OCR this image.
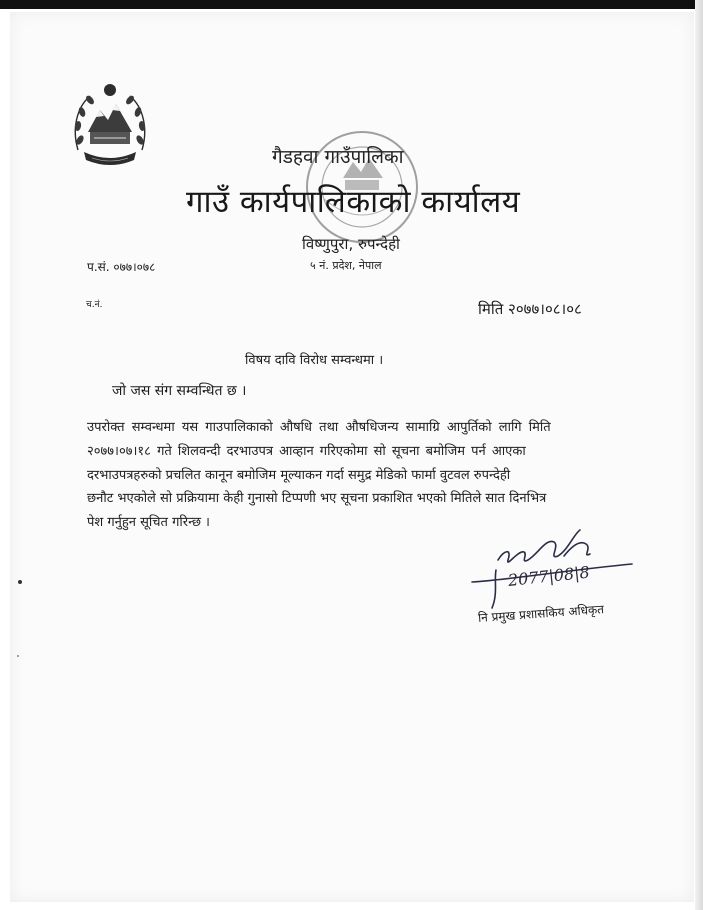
गैडहवा गाउँपालिका
गाउँ कार्यपालिकाको कार्यालय
विष्णुपुरा, रुपन्देही
५ नं. प्रदेश, नेपाल
प.सं. ०७७।०७८
च.नं.	मिति २०७७।०८।०८
विषय दावि विरोध सम्वन्धमा ।
जो जस संग सम्वन्धित छ ।
उपरोक्त सम्वन्धमा यस गाउपालिकाको औषधि तथा औषधिजन्य सामाग्रि आपुर्तिको लागि मिति
२०७७।०७।१८ गते शिलवन्दी दरभाउपत्र आव्हान गरिएकोमा सो सूचना बमोजिम पर्न आएका
दरभाउपत्रहरुको प्रचलित कानून बमोजिम मूल्याकन गर्दा समुद्र मेडिको फार्मा वुटवल रुपन्देही
छनौट भएकोले सो प्रक्रियामा केही गुनासो टिप्पणी भए सूचना प्रकाशित भएको मितिले सात दिनभित्र
पेश गर्नुहुन सूचित गरिन्छ ।
2077|08|8
नि प्रमुख प्रशासकिय अधिकृत
